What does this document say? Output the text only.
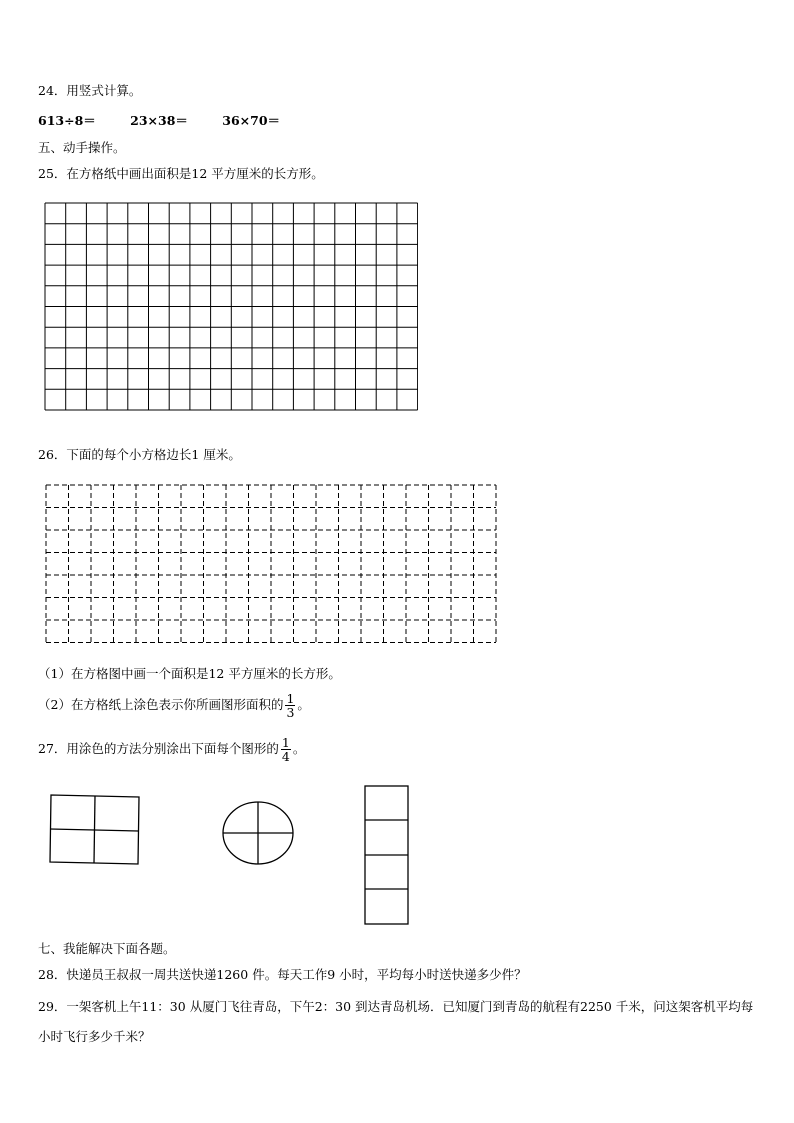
24．用竖式计算。
613÷8＝	23×38＝	36×70＝
五、动手操作。
25．在方格纸中画出面积是12 平方厘米的长方形。
26．下面的每个小方格边长1 厘米。
（1）在方格图中画一个面积是12 平方厘米的长方形。
（2）在方格纸上涂色表示你所画图形面积的 $\frac{1}{3}$ 。
27．用涂色的方法分别涂出下面每个图形的 $\frac{1}{4}$ 。
七、我能解决下面各题。
28．快递员王叔叔一周共送快递1260 件。每天工作9 小时，平均每小时送快递多少件？
29．一架客机上午11：30 从厦门飞往青岛，下午2：30 到达青岛机场．已知厦门到青岛的航程有2250 千米，问这架客机平均每小时飞行多少千米？
